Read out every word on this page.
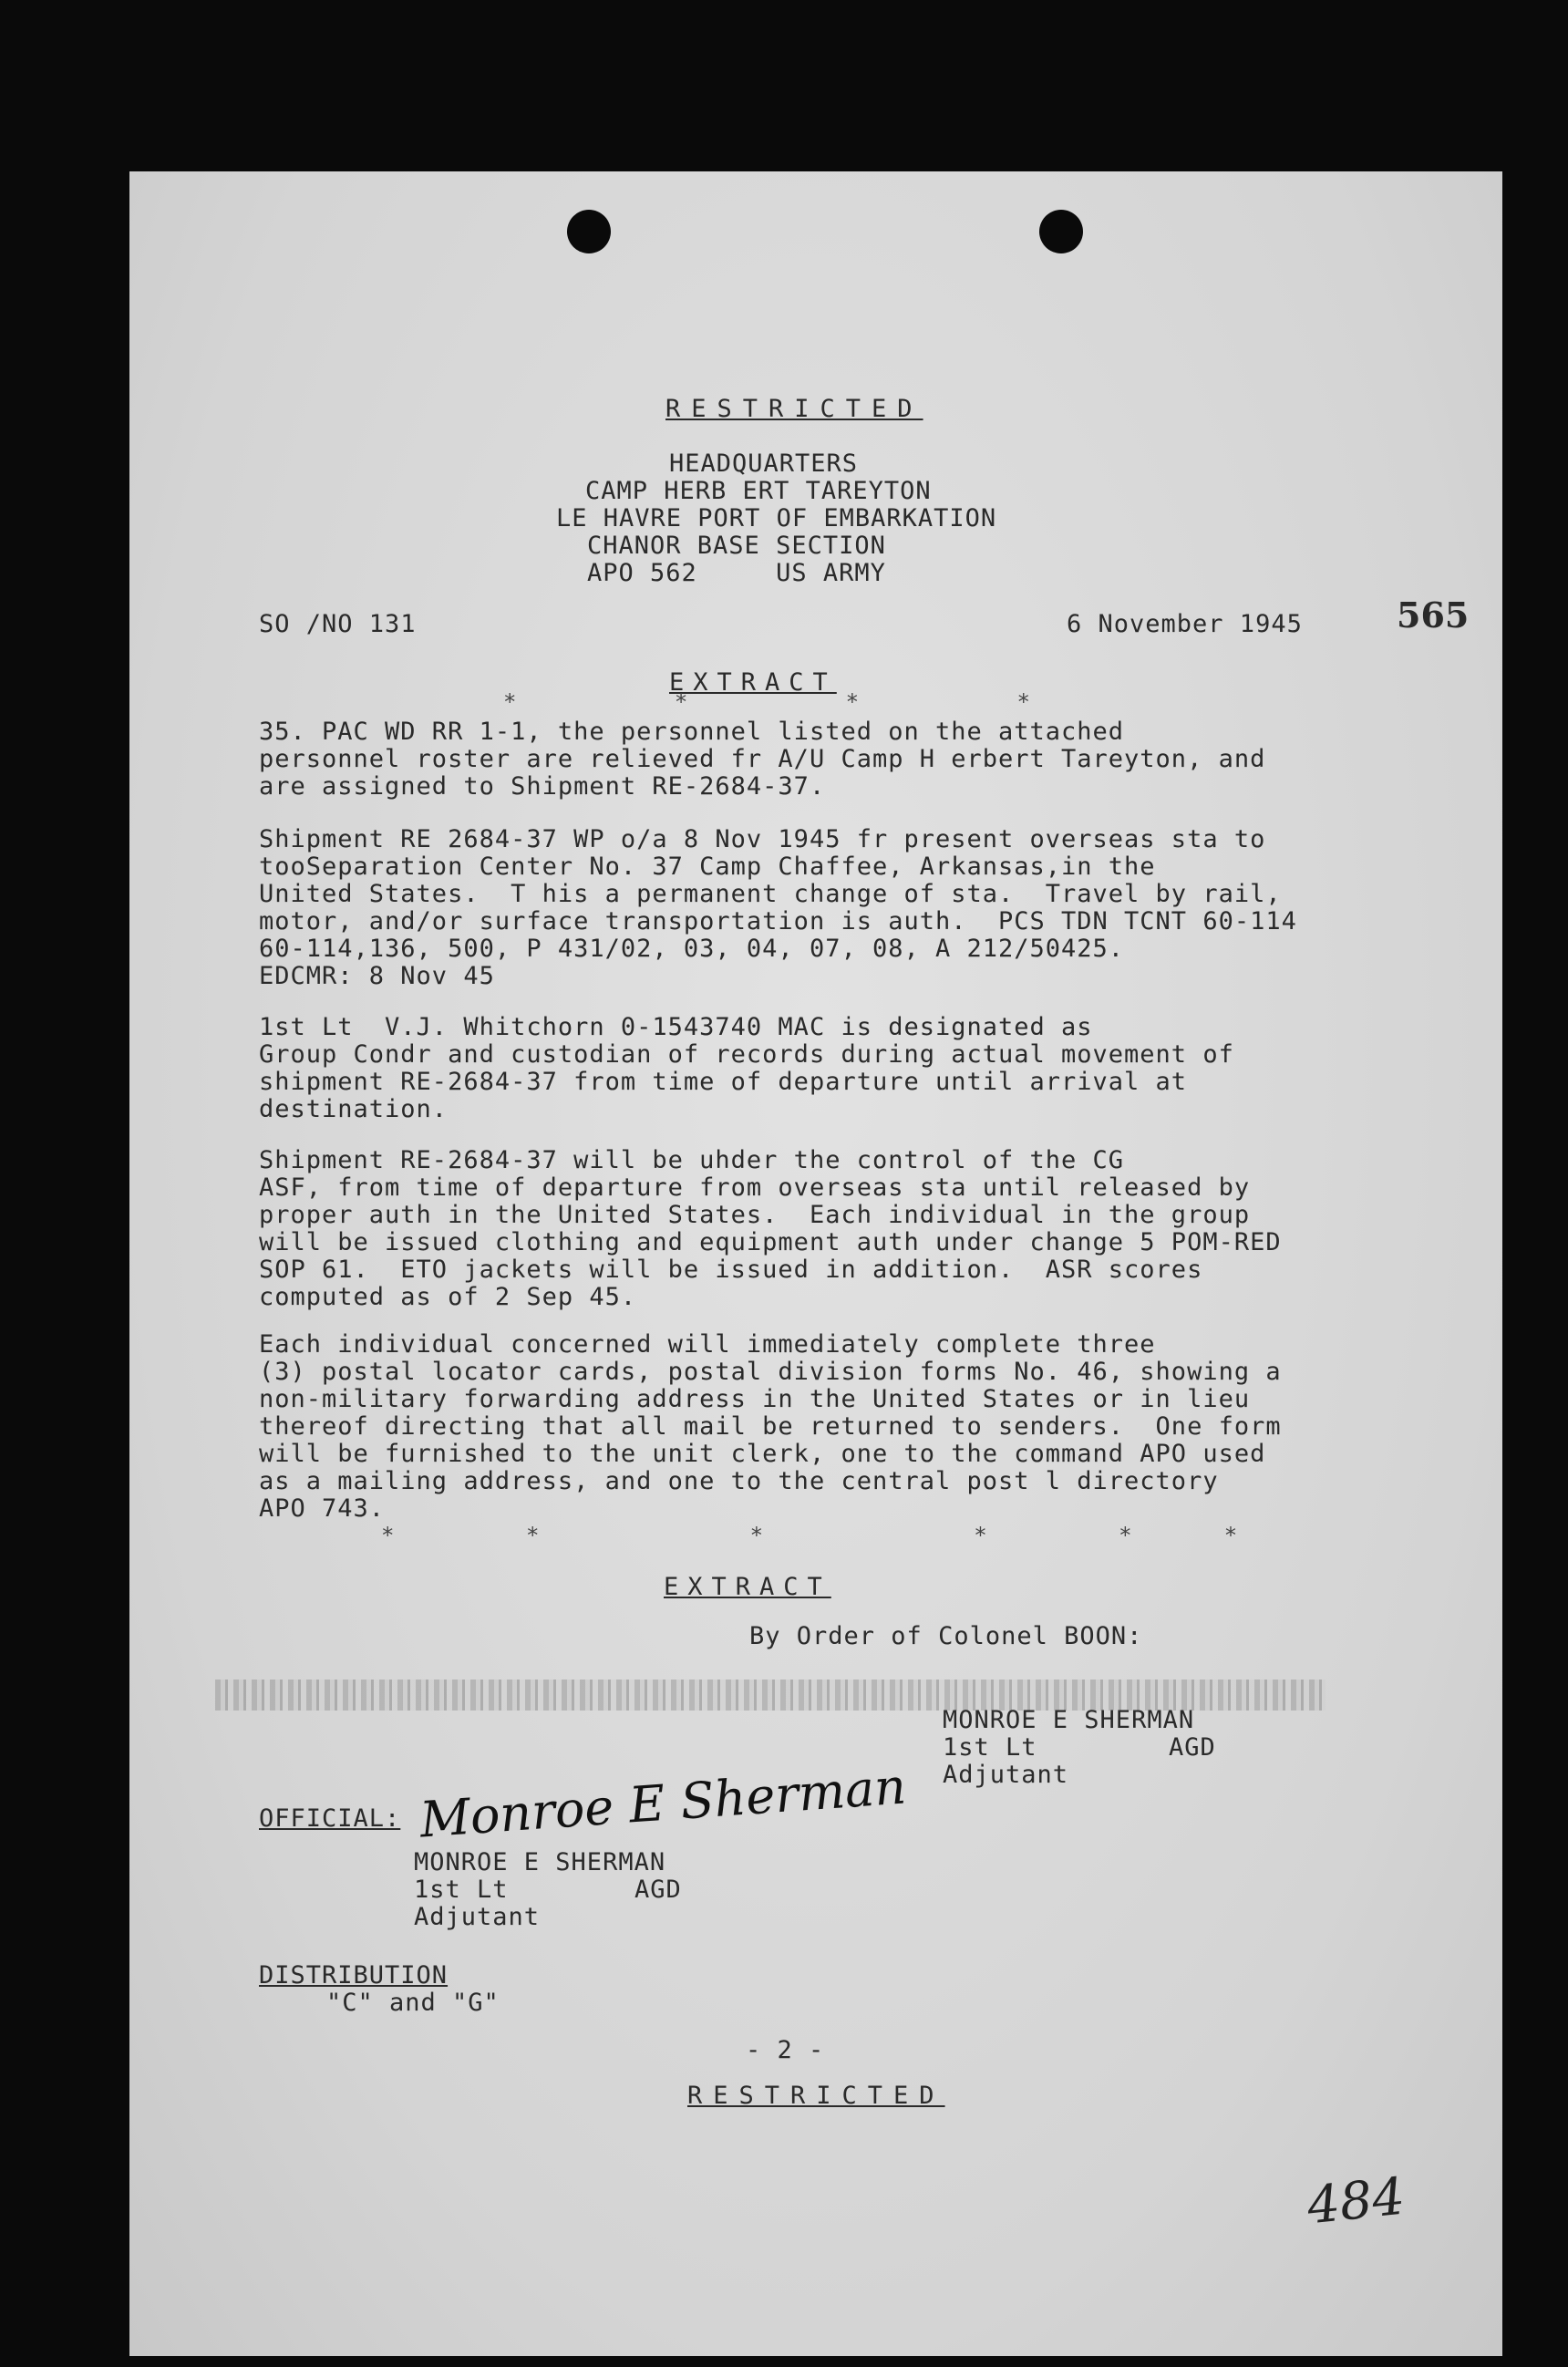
RESTRICTED
HEADQUARTERS
CAMP HERB ERT TAREYTON
LE HAVRE PORT OF EMBARKATION
CHANOR BASE SECTION
APO 562     US ARMY
SO /NO 131	6 November 1945	565
EXTRACT
*            *            *            *
35. PAC WD RR 1-1, the personnel listed on the attached
personnel roster are relieved fr A/U Camp H erbert Tareyton, and
are assigned to Shipment RE-2684-37.
Shipment RE 2684-37 WP o/a 8 Nov 1945 fr present overseas sta to
tooSeparation Center No. 37 Camp Chaffee, Arkansas,in the
United States.  T his a permanent change of sta.  Travel by rail,
motor, and/or surface transportation is auth.  PCS TDN TCNT 60-114
60-114,136, 500, P 431/02, 03, 04, 07, 08, A 212/50425.
EDCMR: 8 Nov 45
1st Lt  V.J. Whitchorn 0-1543740 MAC is designated as
Group Condr and custodian of records during actual movement of
shipment RE-2684-37 from time of departure until arrival at
destination.
Shipment RE-2684-37 will be uhder the control of the CG
ASF, from time of departure from overseas sta until released by
proper auth in the United States.  Each individual in the group
will be issued clothing and equipment auth under change 5 POM-RED
SOP 61.  ETO jackets will be issued in addition.  ASR scores
computed as of 2 Sep 45.
Each individual concerned will immediately complete three
(3) postal locator cards, postal division forms No. 46, showing a
non-military forwarding address in the United States or in lieu
thereof directing that all mail be returned to senders.  One form
will be furnished to the unit clerk, one to the command APO used
as a mailing address, and one to the central post l directory
APO 743.
*          *                *                *          *       *
EXTRACT
By Order of Colonel BOON:
MONROE E SHERMAN
1st Lt	AGD
Adjutant
OFFICIAL: Monroe E Sherman
MONROE E SHERMAN
1st Lt	AGD
Adjutant
DISTRIBUTION
"C" and "G"
- 2 -
RESTRICTED
484
